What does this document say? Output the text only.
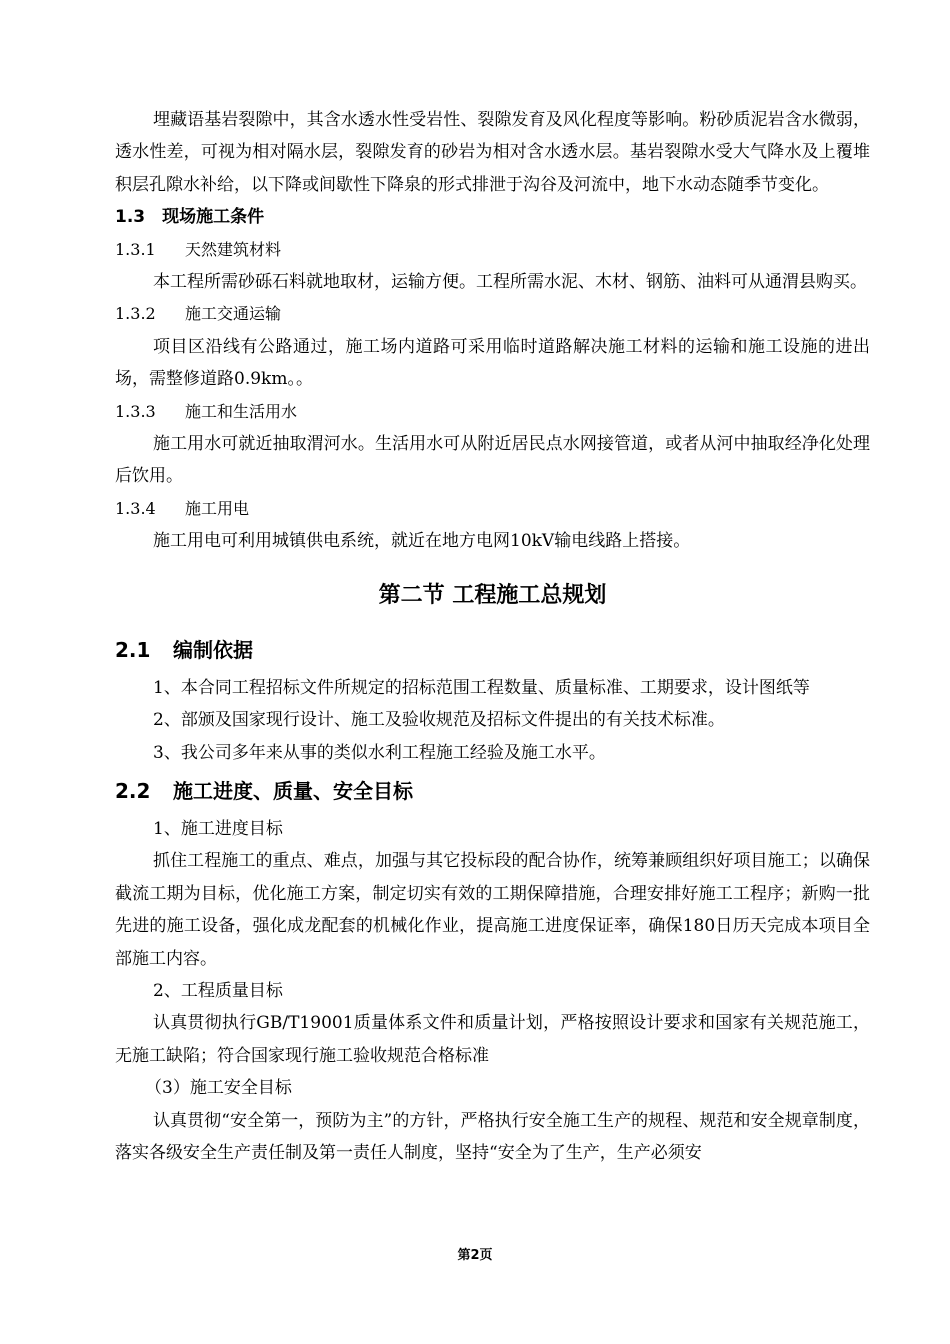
埋藏语基岩裂隙中，其含水透水性受岩性、裂隙发育及风化程度等影响。粉砂质泥岩含水微弱，透水性差，可视为相对隔水层，裂隙发育的砂岩为相对含水透水层。基岩裂隙水受大气降水及上覆堆积层孔隙水补给，以下降或间歇性下降泉的形式排泄于沟谷及河流中，地下水动态随季节变化。

1.3　现场施工条件
1.3.1 天然建筑材料

本工程所需砂砾石料就地取材，运输方便。工程所需水泥、木材、钢筋、油料可从通渭县购买。

1.3.2 施工交通运输

项目区沿线有公路通过，施工场内道路可采用临时道路解决施工材料的运输和施工设施的进出场，需整修道路0.9km。。

1.3.3 施工和生活用水

施工用水可就近抽取渭河水。生活用水可从附近居民点水网接管道，或者从河中抽取经净化处理后饮用。

1.3.4 施工用电

施工用电可利用城镇供电系统，就近在地方电网10kV输电线路上搭接。

第二节 工程施工总规划
2.1 编制依据
1、本合同工程招标文件所规定的招标范围工程数量、质量标准、工期要求，设计图纸等
2、部颁及国家现行设计、施工及验收规范及招标文件提出的有关技术标准。
3、我公司多年来从事的类似水利工程施工经验及施工水平。
2.2 施工进度、质量、安全目标
1、施工进度目标

抓住工程施工的重点、难点，加强与其它投标段的配合协作，统筹兼顾组织好项目施工；以确保截流工期为目标，优化施工方案，制定切实有效的工期保障措施，合理安排好施工工程序；新购一批先进的施工设备，强化成龙配套的机械化作业，提高施工进度保证率，确保180日历天完成本项目全部施工内容。

2、工程质量目标

认真贯彻执行GB/T19001质量体系文件和质量计划，严格按照设计要求和国家有关规范施工，无施工缺陷；符合国家现行施工验收规范合格标准

（3）施工安全目标

认真贯彻“安全第一，预防为主”的方针，严格执行安全施工生产的规程、规范和安全规章制度，落实各级安全生产责任制及第一责任人制度，坚持“安全为了生产，生产必须安

第2页
